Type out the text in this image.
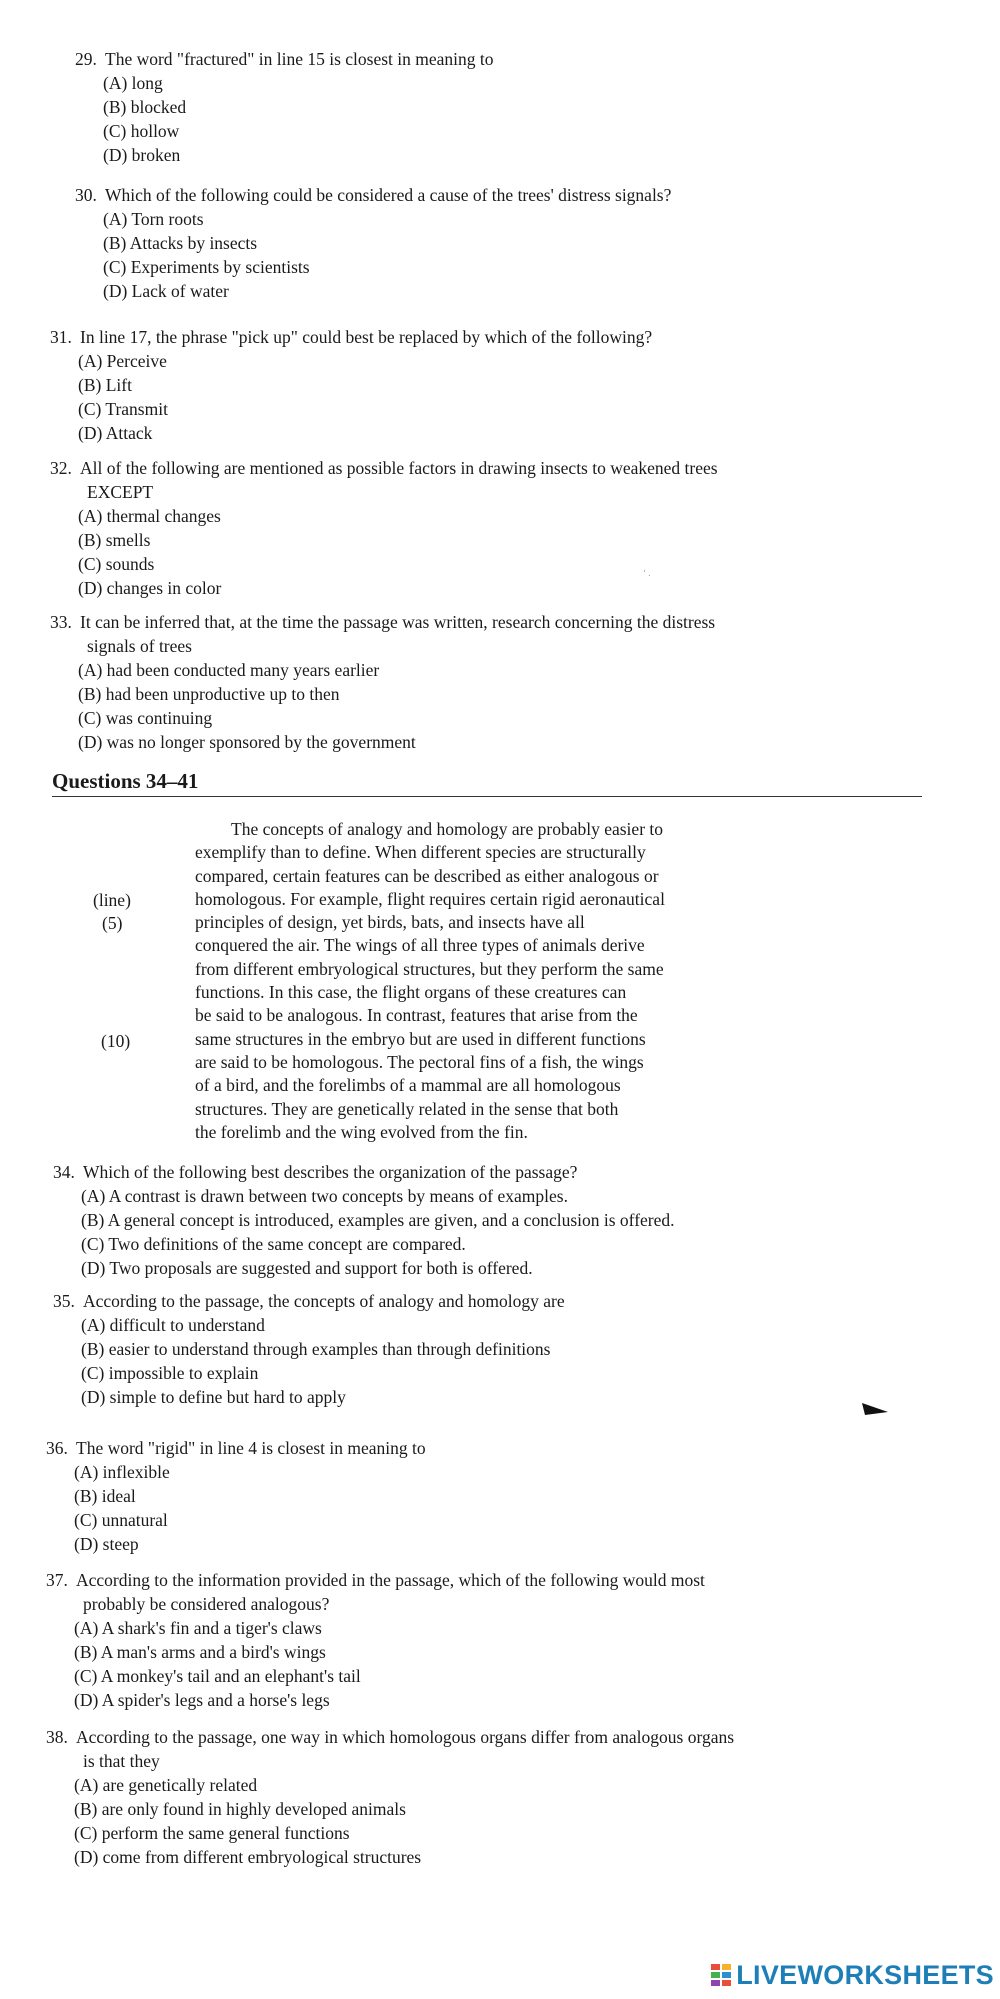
29. The word "fractured" in line 15 is closest in meaning to
(A) long
(B) blocked
(C) hollow
(D) broken
30. Which of the following could be considered a cause of the trees' distress signals?
(A) Torn roots
(B) Attacks by insects
(C) Experiments by scientists
(D) Lack of water
31. In line 17, the phrase "pick up" could best be replaced by which of the following?
(A) Perceive
(B) Lift
(C) Transmit
(D) Attack
32. All of the following are mentioned as possible factors in drawing insects to weakened trees
EXCEPT
(A) thermal changes
(B) smells
(C) sounds
(D) changes in color
ʻ .
33. It can be inferred that, at the time the passage was written, research concerning the distress
signals of trees
(A) had been conducted many years earlier
(B) had been unproductive up to then
(C) was continuing
(D) was no longer sponsored by the government
Questions 34–41
(line)
(5)
(10)
The concepts of analogy and homology are probably easier to
exemplify than to define. When different species are structurally
compared, certain features can be described as either analogous or
homologous. For example, flight requires certain rigid aeronautical
principles of design, yet birds, bats, and insects have all
conquered the air. The wings of all three types of animals derive
from different embryological structures, but they perform the same
functions. In this case, the flight organs of these creatures can
be said to be analogous. In contrast, features that arise from the
same structures in the embryo but are used in different functions
are said to be homologous. The pectoral fins of a fish, the wings
of a bird, and the forelimbs of a mammal are all homologous
structures. They are genetically related in the sense that both
the forelimb and the wing evolved from the fin.
34. Which of the following best describes the organization of the passage?
(A) A contrast is drawn between two concepts by means of examples.
(B) A general concept is introduced, examples are given, and a conclusion is offered.
(C) Two definitions of the same concept are compared.
(D) Two proposals are suggested and support for both is offered.
35. According to the passage, the concepts of analogy and homology are
(A) difficult to understand
(B) easier to understand through examples than through definitions
(C) impossible to explain
(D) simple to define but hard to apply
36. The word "rigid" in line 4 is closest in meaning to
(A) inflexible
(B) ideal
(C) unnatural
(D) steep
37. According to the information provided in the passage, which of the following would most
probably be considered analogous?
(A) A shark's fin and a tiger's claws
(B) A man's arms and a bird's wings
(C) A monkey's tail and an elephant's tail
(D) A spider's legs and a horse's legs
38. According to the passage, one way in which homologous organs differ from analogous organs
is that they
(A) are genetically related
(B) are only found in highly developed animals
(C) perform the same general functions
(D) come from different embryological structures
LIVEWORKSHEETS
